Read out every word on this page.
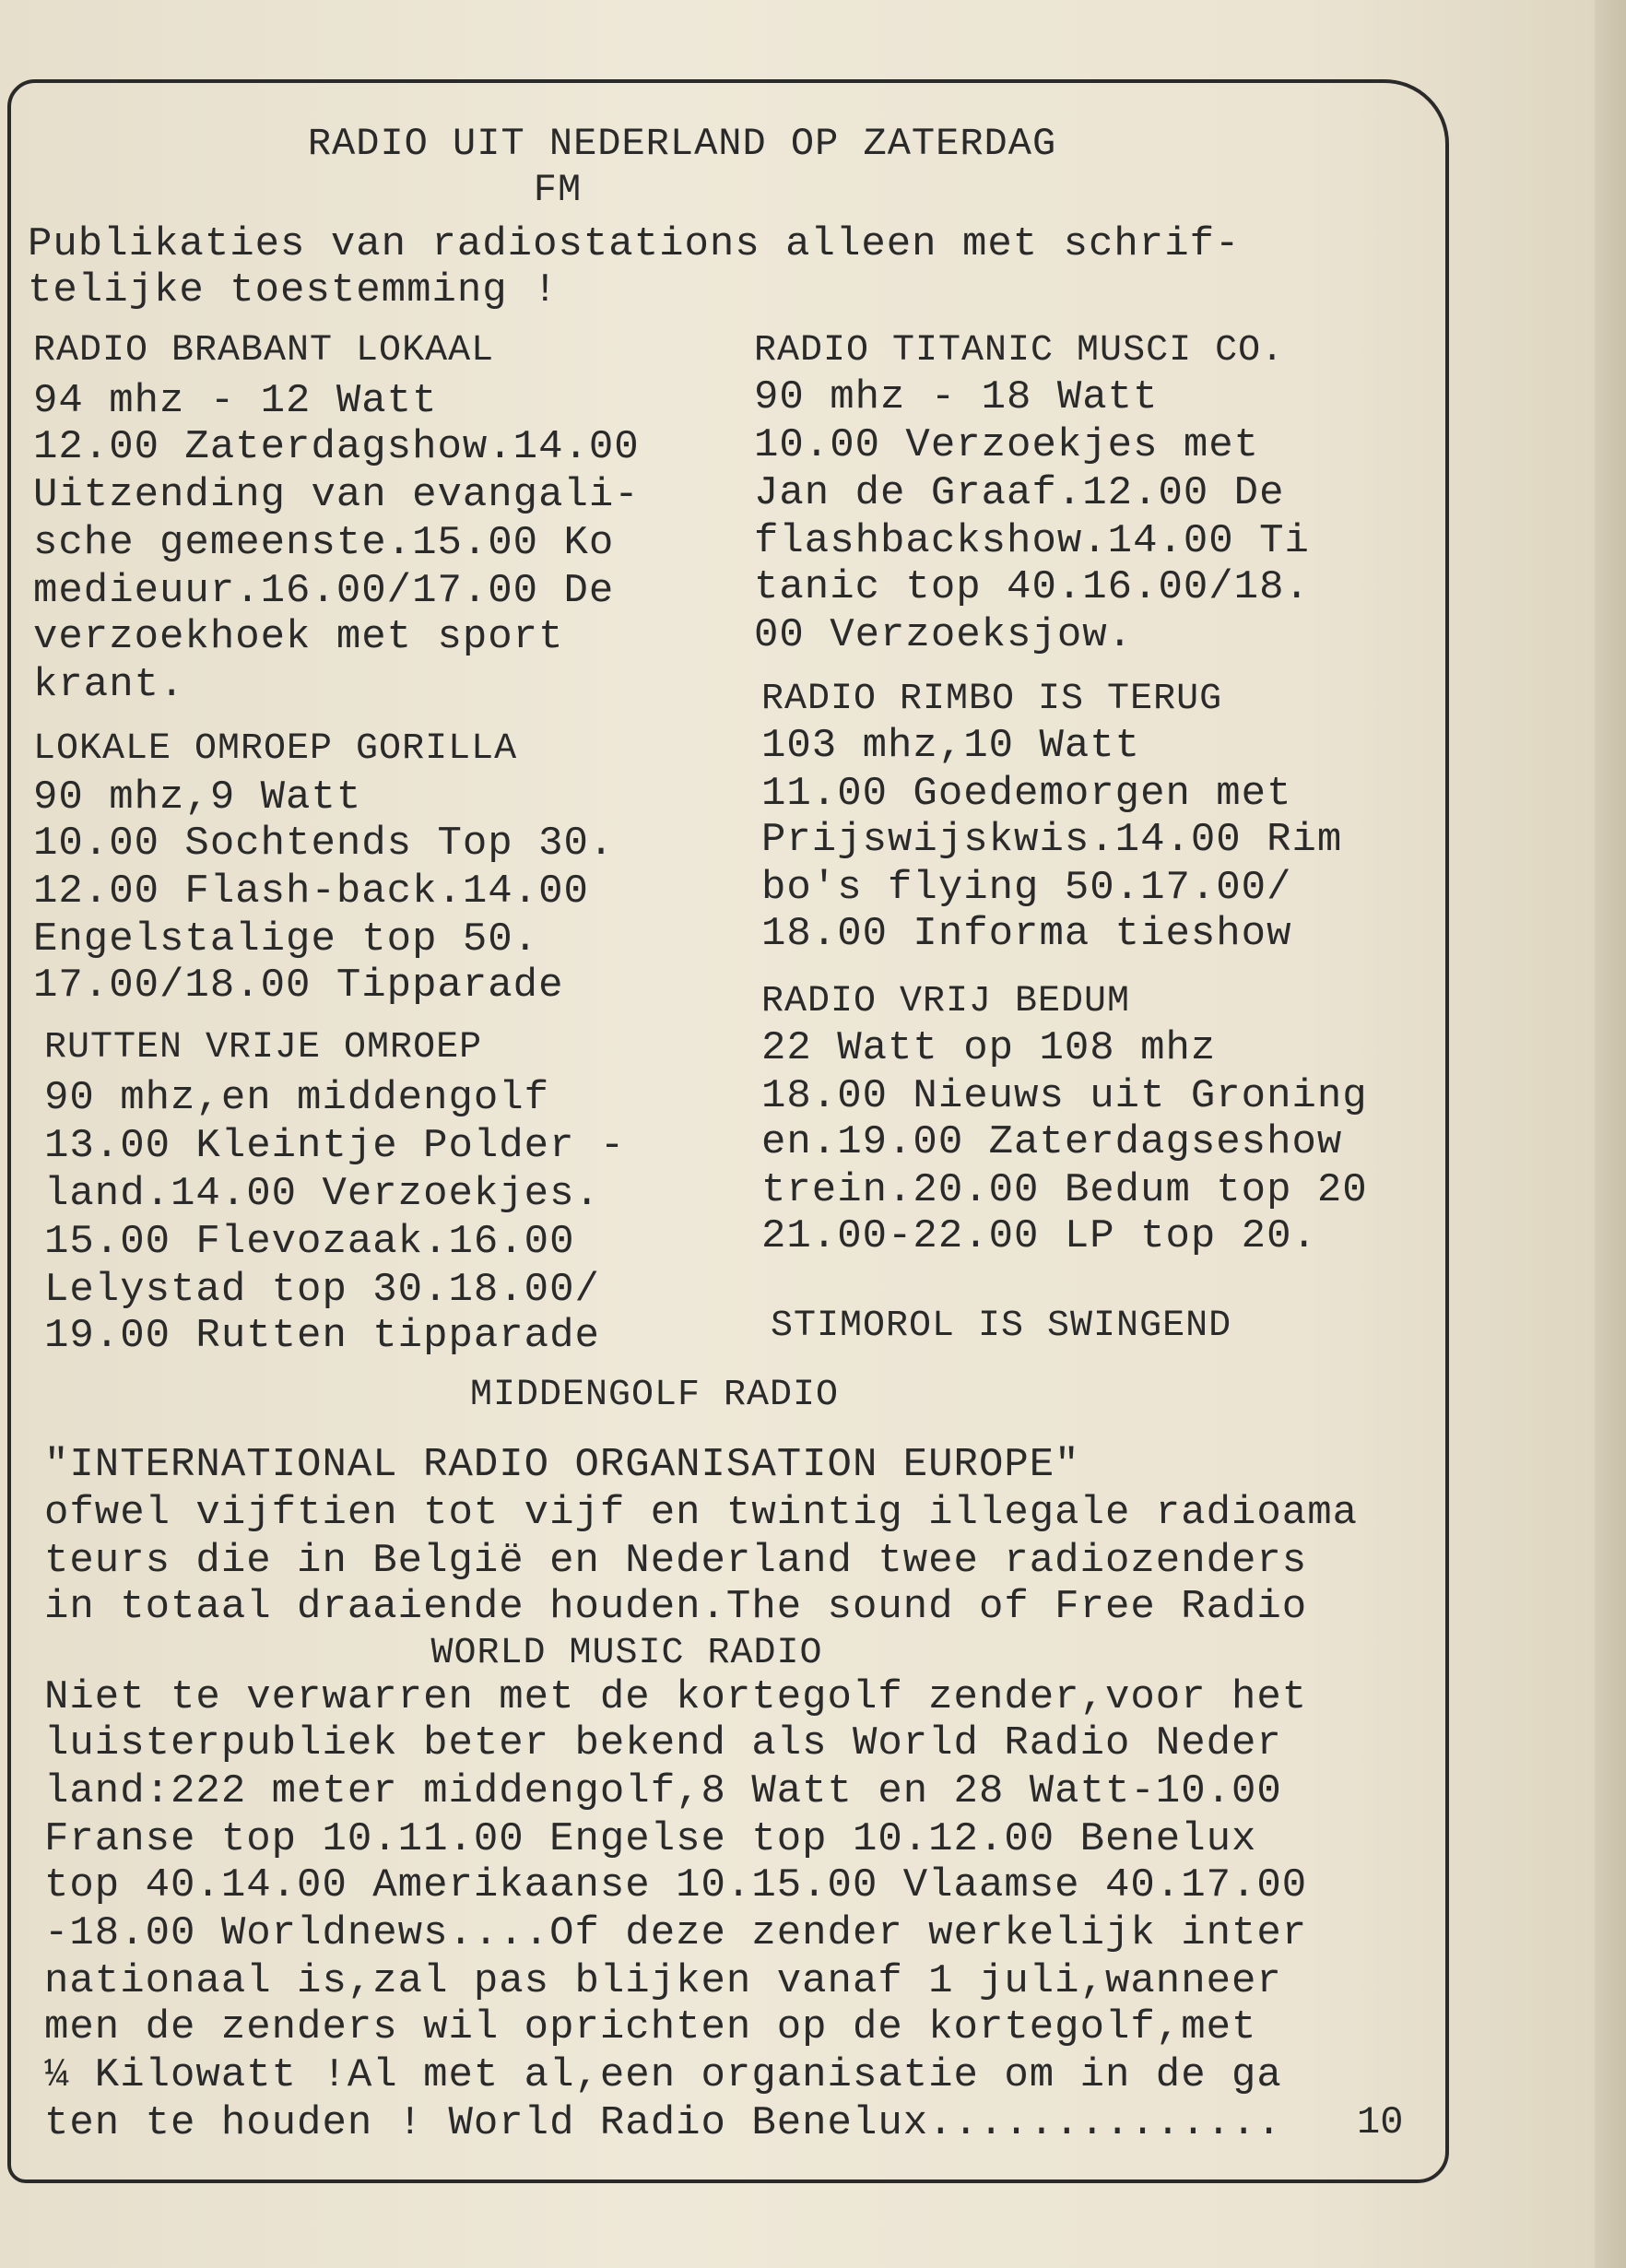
RADIO UIT NEDERLAND OP ZATERDAG
FM
Publikaties van radiostations alleen met schrif-
telijke toestemming !
RADIO BRABANT LOKAAL
94 mhz - 12 Watt
12.00 Zaterdagshow.14.00
Uitzending van evangali-
sche gemeenste.15.00 Ko
medieuur.16.00/17.00 De
verzoekhoek met sport
krant.
LOKALE OMROEP GORILLA
90 mhz,9 Watt
10.00 Sochtends Top 30.
12.00 Flash-back.14.00
Engelstalige top 50.
17.00/18.00 Tipparade
RUTTEN VRIJE OMROEP
90 mhz,en middengolf
13.00 Kleintje Polder -
land.14.00 Verzoekjes.
15.00 Flevozaak.16.00
Lelystad top 30.18.00/
19.00 Rutten tipparade
RADIO TITANIC MUSCI CO.
90 mhz - 18 Watt
10.00 Verzoekjes met
Jan de Graaf.12.00 De
flashbackshow.14.00 Ti
tanic top 40.16.00/18.
00 Verzoeksjow.
RADIO RIMBO IS TERUG
103 mhz,10 Watt
11.00 Goedemorgen met
Prijswijskwis.14.00 Rim
bo's flying 50.17.00/
18.00 Informa tieshow
RADIO VRIJ BEDUM
22 Watt op 108 mhz
18.00 Nieuws uit Groning
en.19.00 Zaterdagseshow
trein.20.00 Bedum top 20
21.00-22.00 LP top 20.
STIMOROL IS SWINGEND
MIDDENGOLF RADIO
"INTERNATIONAL RADIO ORGANISATION EUROPE"
ofwel vijftien tot vijf en twintig illegale radioama
teurs die in België en Nederland twee radiozenders
in totaal draaiende houden.The sound of Free Radio
WORLD MUSIC RADIO
Niet te verwarren met de kortegolf zender,voor het
luisterpubliek beter bekend als World Radio Neder
land:222 meter middengolf,8 Watt en 28 Watt-10.00
Franse top 10.11.00 Engelse top 10.12.00 Benelux
top 40.14.00 Amerikaanse 10.15.00 Vlaamse 40.17.00
-18.00 Worldnews....Of deze zender werkelijk inter
nationaal is,zal pas blijken vanaf 1 juli,wanneer
men de zenders wil oprichten op de kortegolf,met
¼ Kilowatt !Al met al,een organisatie om in de ga
ten te houden ! World Radio Benelux.............. 10
